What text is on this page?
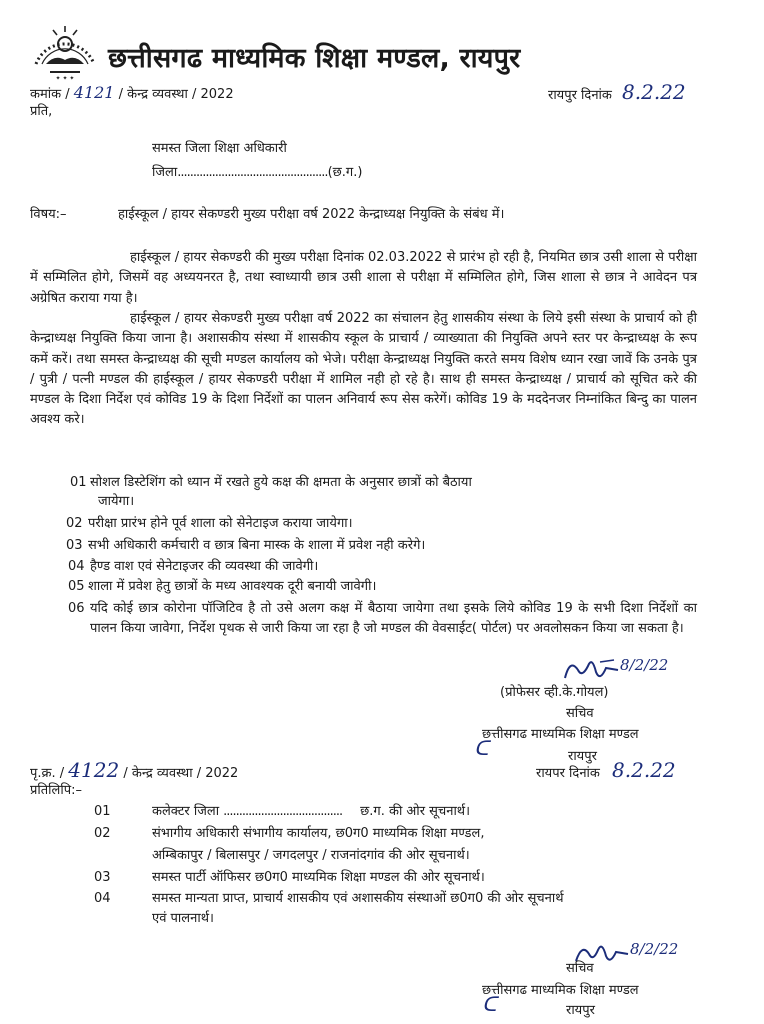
✦ ✦ ✦
छत्तीसगढ माध्यमिक शिक्षा मण्डल, रायपुर
कमांक / 4121 / केन्द्र व्यवस्था / 2022	रायपुर दिनांक 8.2.22
प्रति,
समस्त जिला शिक्षा अधिकारी
जिला................................................(छ.ग.)
विषय:–	हाईस्कूल / हायर सेकण्डरी मुख्य परीक्षा वर्ष 2022 केन्द्राध्यक्ष नियुक्ति के संबंध में।
हाईस्कूल / हायर सेकण्डरी की मुख्य परीक्षा दिनांक 02.03.2022 से प्रारंभ हो रही है, नियमित छात्र उसी शाला से परीक्षा में सम्मिलित होगे, जिसमें वह अध्ययनरत है, तथा स्वाध्यायी छात्र उसी शाला से परीक्षा में सम्मिलित होगे, जिस शाला से छात्र ने आवेदन पत्र अग्रेषित कराया गया है।
हाईस्कूल / हायर सेकण्डरी मुख्य परीक्षा वर्ष 2022 का संचालन हेतु शासकीय संस्था के लिये इसी संस्था के प्राचार्य को ही केन्द्राध्यक्ष नियुक्ति किया जाना है। अशासकीय संस्था में शासकीय स्कूल के प्राचार्य / व्याख्याता की नियुक्ति अपने स्तर पर केन्द्राध्यक्ष के रूप कमें करें। तथा समस्त केन्द्राध्यक्ष की सूची मण्डल कार्यालय को भेजे। परीक्षा केन्द्राध्यक्ष नियुक्ति करते समय विशेष ध्यान रखा जावें कि उनके पुत्र / पुत्री / पत्नी मण्डल की हाईस्कूल / हायर सेकण्डरी परीक्षा में शामिल नही हो रहे है। साथ ही समस्त केन्द्राध्यक्ष / प्राचार्य को सूचित करे की मण्डल के दिशा निर्देश एवं कोविड 19 के दिशा निर्देशों का पालन अनिवार्य रूप सेस करेगें। कोविड 19 के मददेनजर निम्नांकित बिन्दु का पालन अवश्य करे।
01 सोशल डिस्टेशिंग को ध्यान में रखते हुये कक्ष की क्षमता के अनुसार छात्रों को बैठाया
जायेगा।
02 परीक्षा प्रारंभ होने पूर्व शाला को सेनेटाइज कराया जायेगा।
03 सभी अधिकारी कर्मचारी व छात्र बिना मास्क के शाला में प्रवेश नही करेगे।
04 हैण्ड वाश एवं सेनेटाइजर की व्यवस्था की जावेगी।
05 शाला में प्रवेश हेतु छात्रों के मध्य आवश्यक दूरी बनायी जावेगी।
06 यदि कोई छात्र कोरोना पॉजिटिव है तो उसे अलग कक्ष में बैठाया जायेगा तथा इसके लिये कोविड 19 के सभी दिशा निर्देशों का पालन किया जावेगा, निर्देश पृथक से जारी किया जा रहा है जो मण्डल की वेवसाईट( पोर्टल) पर अवलोसकन किया जा सकता है।
8/2/22
(प्रोफेसर व्ही.के.गोयल)
सचिव
छत्तीसगढ माध्यमिक शिक्षा मण्डल
ᑕ	रायपुर
पृ.क्र. / 4122 / केन्द्र व्यवस्था / 2022	रायपर दिनांक 8.2.22
प्रतिलिपि:–
01	कलेक्टर जिला ...................................... छ.ग. की ओर सूचनार्थ।
02	संभागीय अधिकारी संभागीय कार्यालय, छ0ग0 माध्यमिक शिक्षा मण्डल,
अम्बिकापुर / बिलासपुर / जगदलपुर / राजनांदगांव की ओर सूचनार्थ।
03	समस्त पार्टी ऑफिसर छ0ग0 माध्यमिक शिक्षा मण्डल की ओर सूचनार्थ।
04	समस्त मान्यता प्राप्त, प्राचार्य शासकीय एवं अशासकीय संस्थाओं छ0ग0 की ओर सूचनार्थ
एवं पालनार्थ।
8/2/22
सचिव
छत्तीसगढ माध्यमिक शिक्षा मण्डल
ᑕ	रायपुर
